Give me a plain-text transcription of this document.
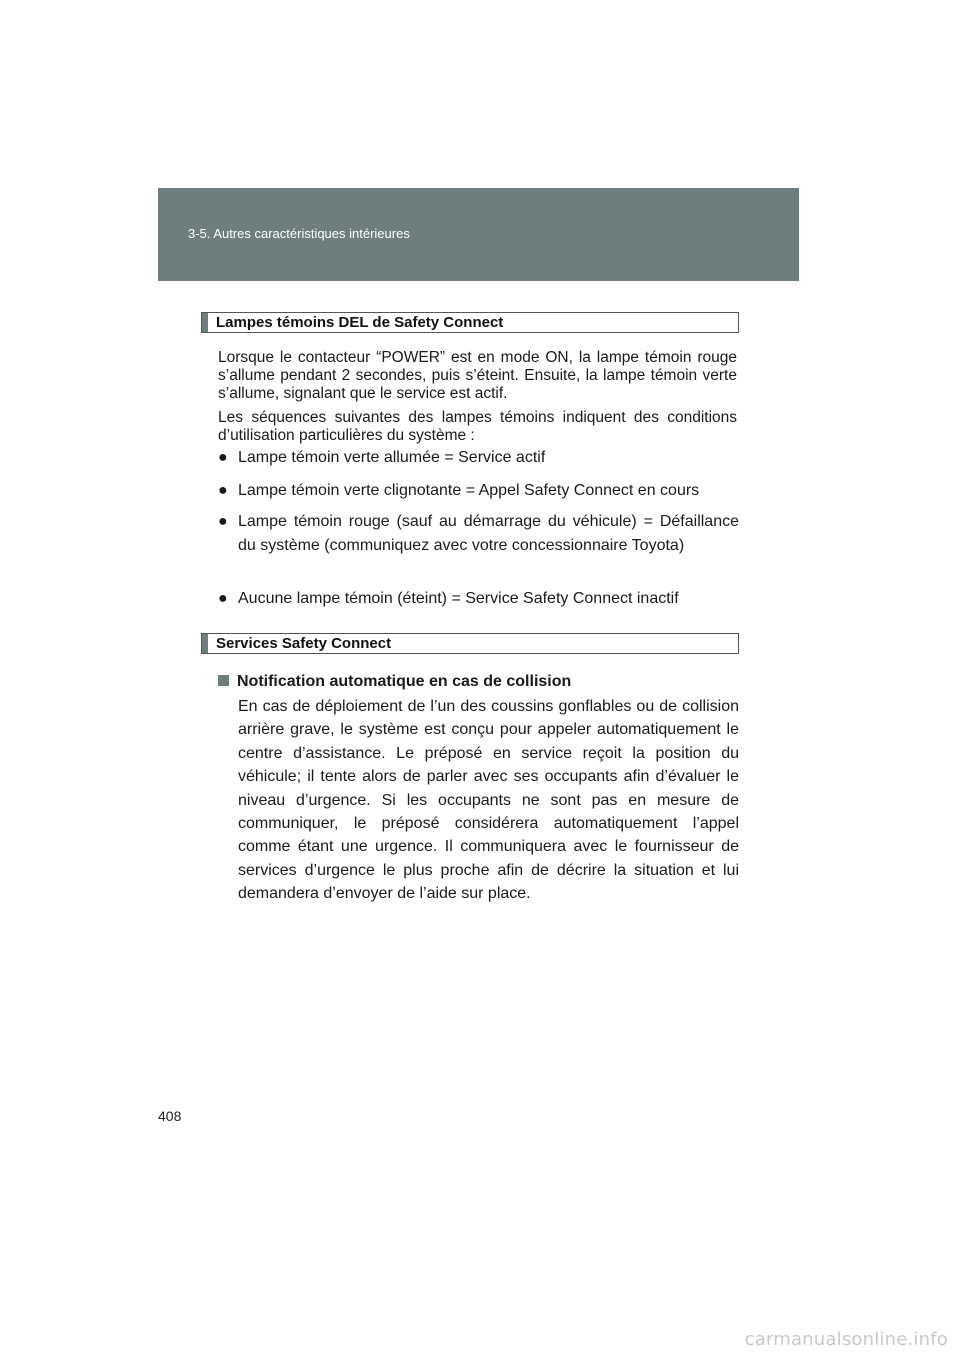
3-5. Autres caractéristiques intérieures
Lampes témoins DEL de Safety Connect
Lorsque le contacteur “POWER” est en mode ON, la lampe témoin rouge s’allume pendant 2 secondes, puis s’éteint. Ensuite, la lampe témoin verte s’allume, signalant que le service est actif.
Les séquences suivantes des lampes témoins indiquent des conditions d’utilisation particulières du système :
● Lampe témoin verte allumée = Service actif
● Lampe témoin verte clignotante = Appel Safety Connect en cours
● Lampe témoin rouge (sauf au démarrage du véhicule) = Défaillance du système (communiquez avec votre concessionnaire Toyota)
● Aucune lampe témoin (éteint) = Service Safety Connect inactif
Services Safety Connect
Notification automatique en cas de collision
En cas de déploiement de l’un des coussins gonflables ou de collision arrière grave, le système est conçu pour appeler automatiquement le centre d’assistance. Le préposé en service reçoit la position du véhicule; il tente alors de parler avec ses occupants afin d’évaluer le niveau d’urgence. Si les occupants ne sont pas en mesure de communiquer, le préposé considérera automatiquement l’appel comme étant une urgence. Il communiquera avec le fournisseur de services d’urgence le plus proche afin de décrire la situation et lui demandera d’envoyer de l’aide sur place.
408
carmanualsonline.info
